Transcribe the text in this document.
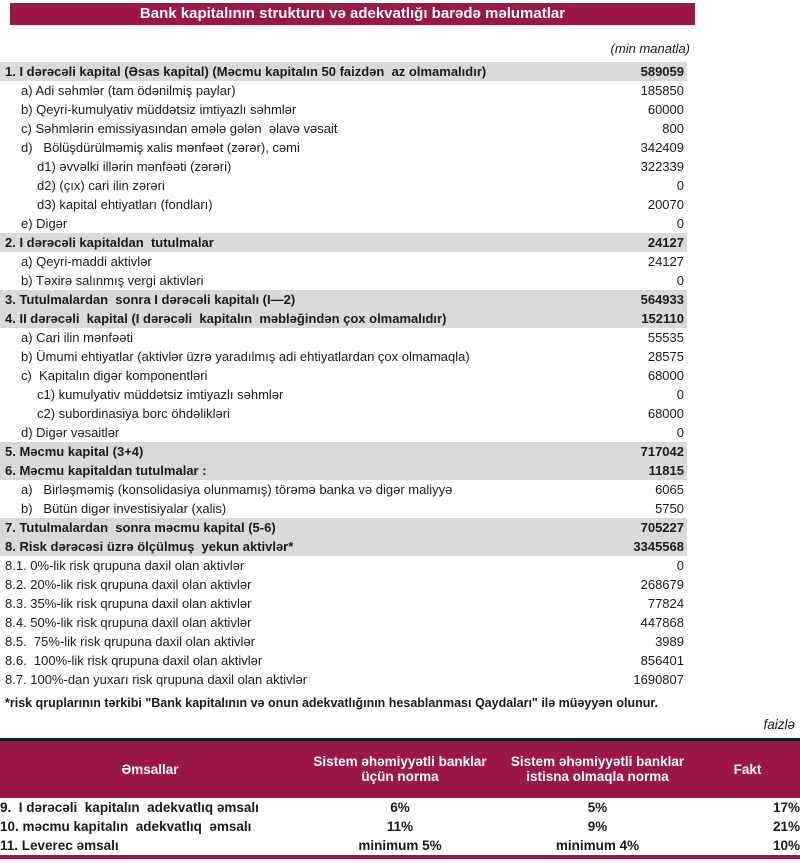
Bank kapitalının strukturu və adekvatlığı barədə məlumatlar
(min manatla)
1. I dərəcəli kapital (Əsas kapital) (Məcmu kapitalın 50 faizdən  az olmamalıdır)	589059
a) Adi səhmlər (tam ödənilmiş paylar)	185850
b) Qeyri-kumulyativ müddətsiz imtiyazlı səhmlər	60000
c) Səhmlərin emissiyasından əmələ gələn  əlavə vəsait	800
d)   Bölüşdürülməmiş xalis mənfəət (zərər), cəmi	342409
d1) əvvəlki illərin mənfəəti (zərəri)	322339
d2) (çıx) cari ilin zərəri	0
d3) kapital ehtiyatları (fondları)	20070
e) Digər	0
2. I dərəcəli kapitaldan  tutulmalar	24127
a) Qeyri-maddi aktivlər	24127
b) Təxirə salınmış vergi aktivləri	0
3. Tutulmalardan  sonra I dərəcəli kapitalı (I—2)	564933
4. II dərəcəli  kapital (I dərəcəli  kapitalın  məbləğindən çox olmamalıdır)	152110
a) Cari ilin mənfəəti	55535
b) Ümumi ehtiyatlar (aktivlər üzrə yaradılmış adi ehtiyatlardan çox olmamaqla)	28575
c)  Kapitalın digər komponentləri	68000
c1) kumulyativ müddətsiz imtiyazlı səhmlər	0
c2) subordinasiya borc öhdəlikləri	68000
d) Digər vəsaitlər	0
5. Məcmu kapital (3+4)	717042
6. Məcmu kapitaldan tutulmalar :	11815
a)   Birləşməmiş (konsolidasiya olunmamış) törəmə banka və digər maliyyə	6065
b)   Bütün digər investisiyalar (xalis)	5750
7. Tutulmalardan  sonra məcmu kapital (5-6)	705227
8. Risk dərəcəsi üzrə ölçülmuş  yekun aktivlər*	3345568
8.1. 0%-lik risk qrupuna daxil olan aktivlər	0
8.2. 20%-lik risk qrupuna daxil olan aktivlər	268679
8.3. 35%-lik risk qrupuna daxil olan aktivlər	77824
8.4. 50%-lik risk qrupuna daxil olan aktivlər	447868
8.5.  75%-lik risk qrupuna daxil olan aktivlər	3989
8.6.  100%-lik risk qrupuna daxil olan aktivlər	856401
8.7. 100%-dan yuxarı risk qrupuna daxil olan aktivlər	1690807
*risk qruplarının tərkibi "Bank kapitalının və onun adekvatlığının hesablanması Qaydaları" ilə müəyyən olunur.
faizlə
Əmsallar	Sistem əhəmiyyətli banklar üçün norma	Sistem əhəmiyyətli banklar istisna olmaqla norma	Fakt
9.  I dərəcəli  kapitalın  adekvatlıq əmsalı	6%	5%	17%
10. məcmu kapitalın  adekvatlıq  əmsalı	11%	9%	21%
11. Leverec əmsalı	minimum 5%	minimum 4%	10%
